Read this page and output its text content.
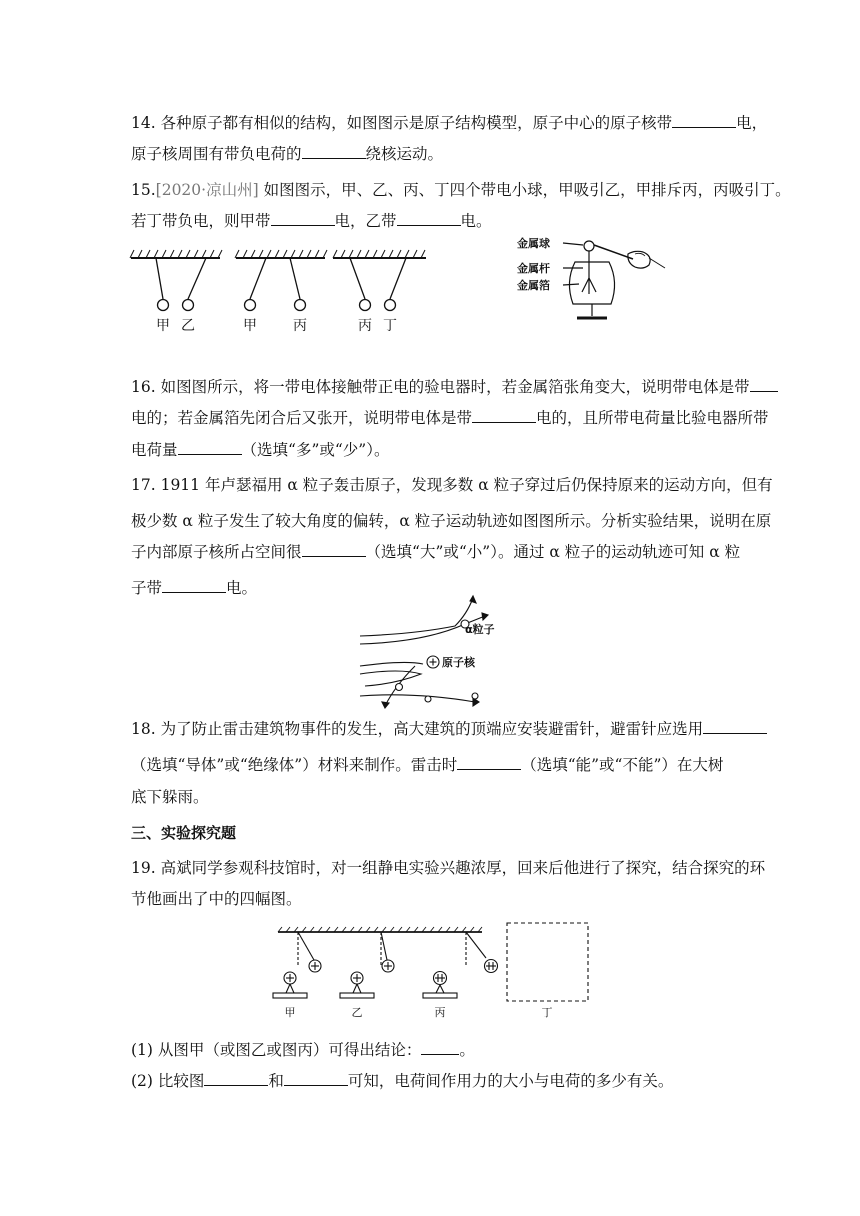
14. 各种原子都有相似的结构，如图图示是原子结构模型，原子中心的原子核带	电，
原子核周围有带负电荷的	绕核运动。
15.[2020·凉山州] 如图图示，甲、乙、丙、丁四个带电小球，甲吸引乙，甲排斥丙，丙吸引丁。
若丁带负电，则甲带	电，乙带	电。
甲 乙	甲	丙	丙 丁
金属球
金属杆
金属箔
16. 如图图所示，将一带电体接触带正电的验电器时，若金属箔张角变大，说明带电体是带
电的；若金属箔先闭合后又张开，说明带电体是带	电的，且所带电荷量比验电器所带
电荷量	（选填“多”或“少”）。
17. 1911 年卢瑟福用 α 粒子轰击原子，发现多数 α 粒子穿过后仍保持原来的运动方向，但有
极少数 α 粒子发生了较大角度的偏转，α 粒子运动轨迹如图图所示。分析实验结果，说明在原
子内部原子核所占空间很	（选填“大”或“小”）。通过 α 粒子的运动轨迹可知 α 粒
子带	电。
α粒子
原子核
18. 为了防止雷击建筑物事件的发生，高大建筑的顶端应安装避雷针，避雷针应选用
（选填“导体”或“绝缘体”）材料来制作。雷击时	（选填“能”或“不能”）在大树
底下躲雨。
三、实验探究题
19. 高斌同学参观科技馆时，对一组静电实验兴趣浓厚，回来后他进行了探究，结合探究的环
节他画出了中的四幅图。
甲	乙	丙	丁
(1) 从图甲（或图乙或图丙）可得出结论： 。
(2) 比较图	和	可知，电荷间作用力的大小与电荷的多少有关。
